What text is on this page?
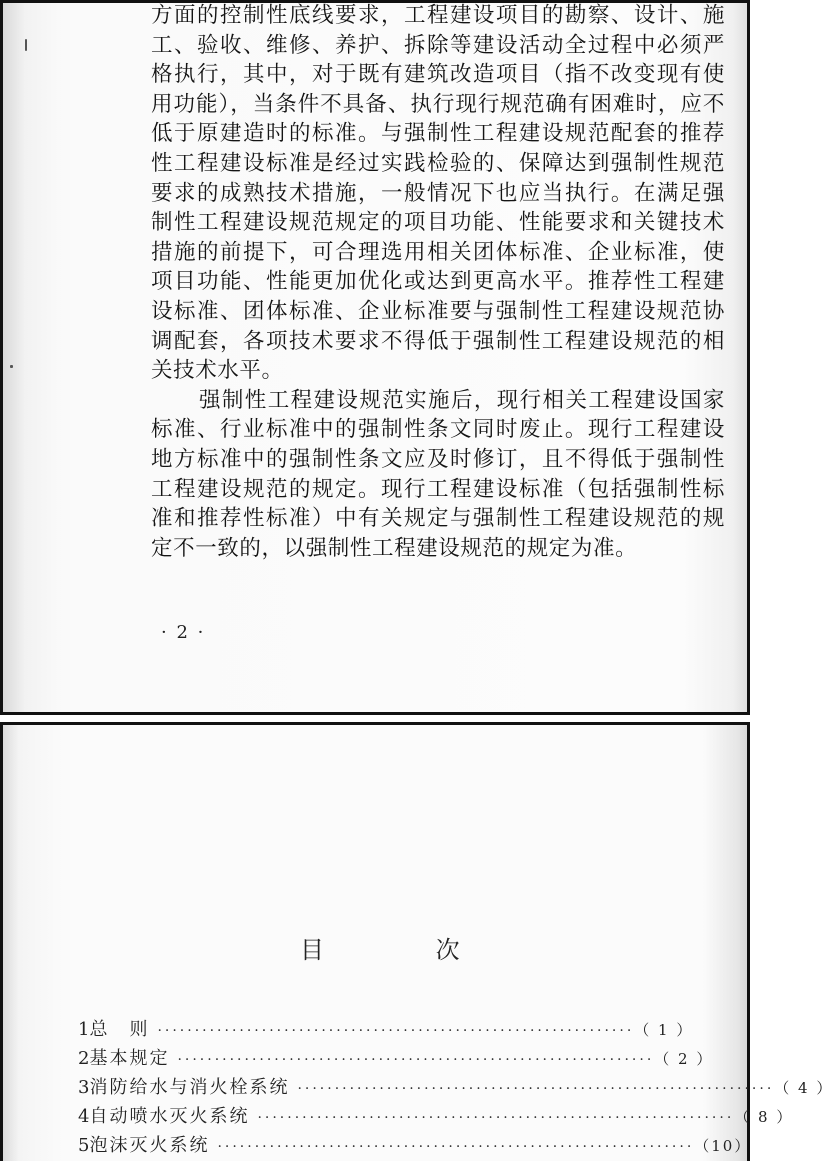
方面的控制性底线要求，工程建设项目的勘察、设计、施工、验收、维修、养护、拆除等建设活动全过程中必须严格执行，其中，对于既有建筑改造项目（指不改变现有使用功能），当条件不具备、执行现行规范确有困难时，应不低于原建造时的标准。与强制性工程建设规范配套的推荐性工程建设标准是经过实践检验的、保障达到强制性规范要求的成熟技术措施，一般情况下也应当执行。在满足强制性工程建设规范规定的项目功能、性能要求和关键技术措施的前提下，可合理选用相关团体标准、企业标准，使项目功能、性能更加优化或达到更高水平。推荐性工程建设标准、团体标准、企业标准要与强制性工程建设规范协调配套，各项技术要求不得低于强制性工程建设规范的相关技术水平。

强制性工程建设规范实施后，现行相关工程建设国家标准、行业标准中的强制性条文同时废止。现行工程建设地方标准中的强制性条文应及时修订，且不得低于强制性工程建设规范的规定。现行工程建设标准（包括强制性标准和推荐性标准）中有关规定与强制性工程建设规范的规定不一致的，以强制性工程建设规范的规定为准。

· 2 ·
目 次
1 总　则 ································································ （ 1 ）
2 基本规定 ································································ （ 2 ）
3 消防给水与消火栓系统 ································································ （ 4 ）
4 自动喷水灭火系统 ································································ （ 8 ）
5 泡沫灭火系统 ································································ （10）
